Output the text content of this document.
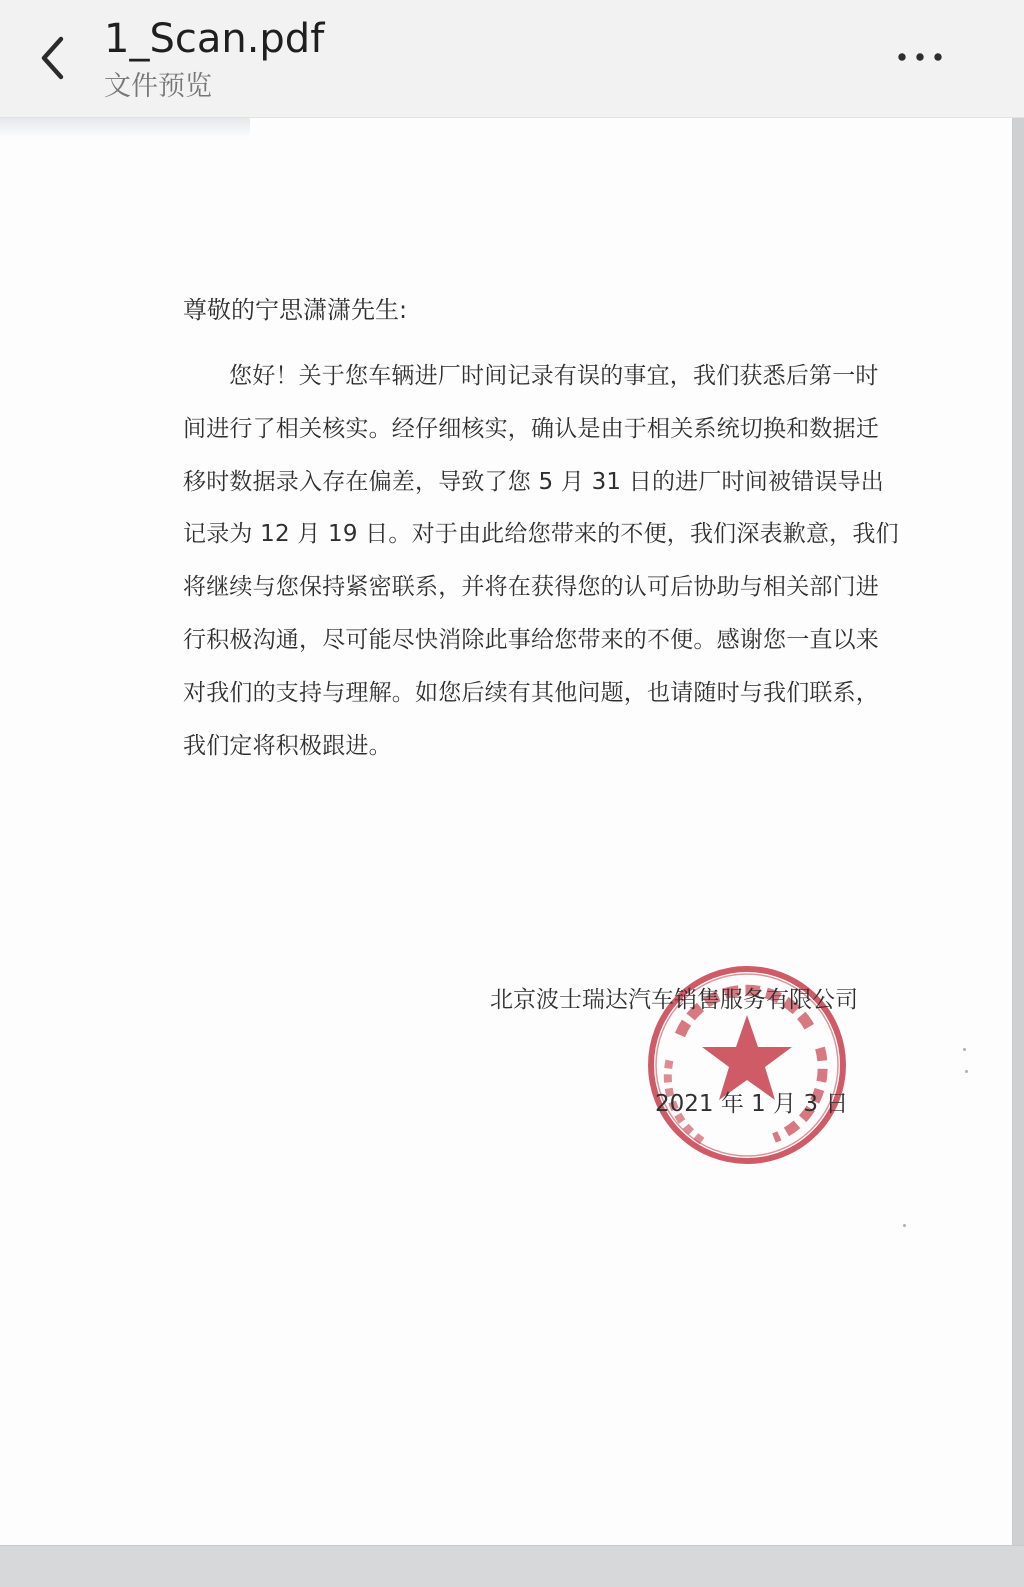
1_Scan.pdf
文件预览

尊敬的宁思潇潇先生:

您好！关于您车辆进厂时间记录有误的事宜，我们获悉后第一时
间进行了相关核实。经仔细核实，确认是由于相关系统切换和数据迁
移时数据录入存在偏差，导致了您 5 月 31 日的进厂时间被错误导出
记录为 12 月 19 日。对于由此给您带来的不便，我们深表歉意，我们
将继续与您保持紧密联系，并将在获得您的认可后协助与相关部门进
行积极沟通，尽可能尽快消除此事给您带来的不便。感谢您一直以来
对我们的支持与理解。如您后续有其他问题，也请随时与我们联系，
我们定将积极跟进。

北京波士瑞达汽车销售服务有限公司

2021 年 1 月 3 日
